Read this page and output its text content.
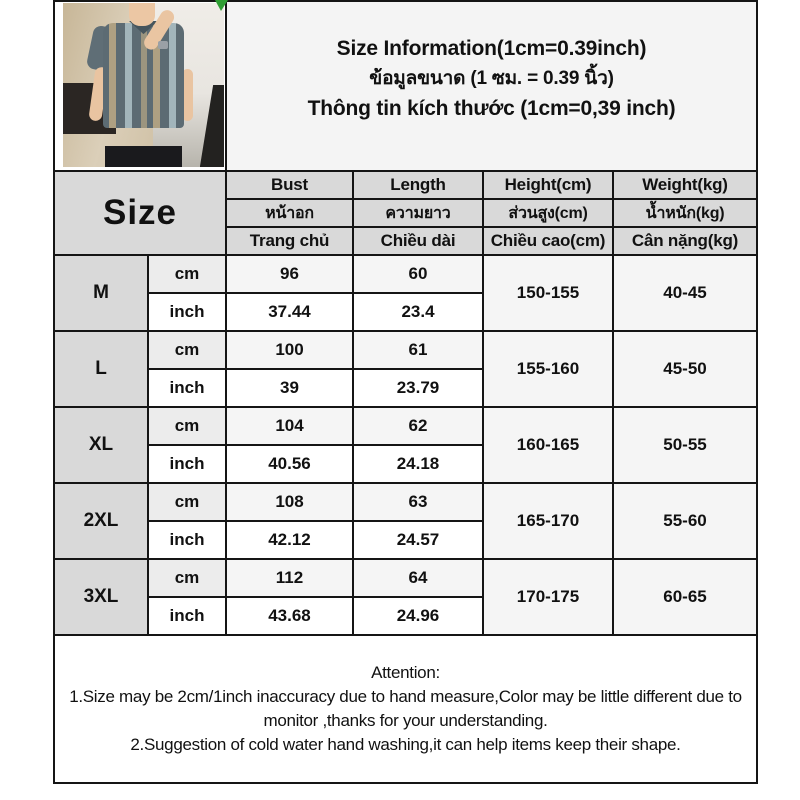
		Size Information(1cm=0.39inch)
ข้อมูลขนาด (1 ซม. = 0.39 นิ้ว)
Thông tin kích thước (1cm=0,39 inch)			

Size		Bust	Length	Height(cm)	Weight(kg)
		หน้าอก	ความยาว	ส่วนสูง(cm)	น้ำหนัก(kg)
		Trang chủ	Chiều dài	Chiều cao(cm)	Cân nặng(kg)
M	cm	96	60	150-155	40-45
	inch	37.44	23.4		
L	cm	100	61	155-160	45-50
	inch	39	23.79		
XL	cm	104	62	160-165	50-55
	inch	40.56	24.18		
2XL	cm	108	63	165-170	55-60
	inch	42.12	24.57		
3XL	cm	112	64	170-175	60-65
	inch	43.68	24.96		

Attention:
1.Size may be 2cm/1inch inaccuracy due to hand measure,Color may be little different due to monitor ,thanks for your understanding.
2.Suggestion of cold water hand washing,it can help items keep their shape.					
